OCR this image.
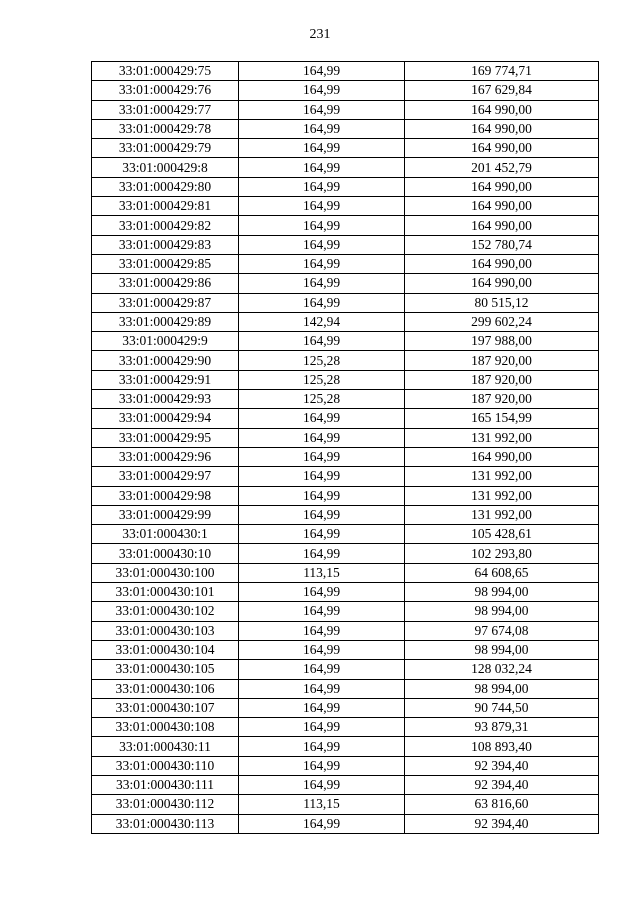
231
33:01:000429:75	164,99	169 774,71
33:01:000429:76	164,99	167 629,84
33:01:000429:77	164,99	164 990,00
33:01:000429:78	164,99	164 990,00
33:01:000429:79	164,99	164 990,00
33:01:000429:8	164,99	201 452,79
33:01:000429:80	164,99	164 990,00
33:01:000429:81	164,99	164 990,00
33:01:000429:82	164,99	164 990,00
33:01:000429:83	164,99	152 780,74
33:01:000429:85	164,99	164 990,00
33:01:000429:86	164,99	164 990,00
33:01:000429:87	164,99	80 515,12
33:01:000429:89	142,94	299 602,24
33:01:000429:9	164,99	197 988,00
33:01:000429:90	125,28	187 920,00
33:01:000429:91	125,28	187 920,00
33:01:000429:93	125,28	187 920,00
33:01:000429:94	164,99	165 154,99
33:01:000429:95	164,99	131 992,00
33:01:000429:96	164,99	164 990,00
33:01:000429:97	164,99	131 992,00
33:01:000429:98	164,99	131 992,00
33:01:000429:99	164,99	131 992,00
33:01:000430:1	164,99	105 428,61
33:01:000430:10	164,99	102 293,80
33:01:000430:100	113,15	64 608,65
33:01:000430:101	164,99	98 994,00
33:01:000430:102	164,99	98 994,00
33:01:000430:103	164,99	97 674,08
33:01:000430:104	164,99	98 994,00
33:01:000430:105	164,99	128 032,24
33:01:000430:106	164,99	98 994,00
33:01:000430:107	164,99	90 744,50
33:01:000430:108	164,99	93 879,31
33:01:000430:11	164,99	108 893,40
33:01:000430:110	164,99	92 394,40
33:01:000430:111	164,99	92 394,40
33:01:000430:112	113,15	63 816,60
33:01:000430:113	164,99	92 394,40
